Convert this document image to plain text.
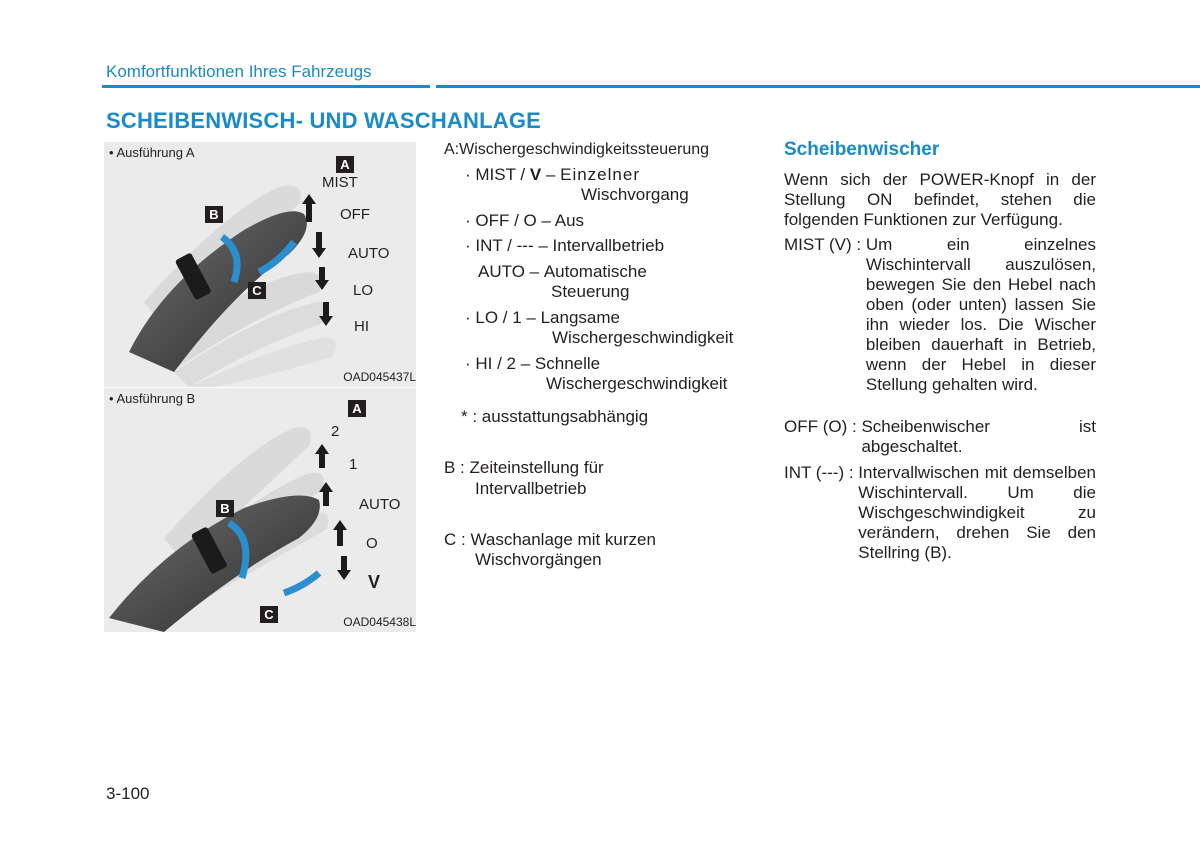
Komfortfunktionen Ihres Fahrzeugs
SCHEIBENWISCH- UND WASCHANLAGE
• Ausführung A
A
B
C
MIST
OFF
AUTO
LO
HI
OAD045437L
• Ausführung B
A
B
C
2
1
AUTO
O
V
OAD045438L
A:Wischergeschwindigkeitssteuerung
· MIST / V – Einzelner
Wischvorgang
· OFF / O – Aus
· INT / --- – Intervallbetrieb
AUTO – Automatische
Steuerung
· LO / 1 – Langsame
Wischergeschwindigkeit
· HI / 2 – Schnelle
Wischergeschwindigkeit
* : ausstattungsabhängig
B : Zeiteinstellung für
Intervallbetrieb
C : Waschanlage mit kurzen
Wischvorgängen
Scheibenwischer
Wenn sich der POWER-Knopf in der Stellung ON befindet, stehen die folgenden Funktionen zur Verfügung.
MIST (V) : Um ein einzelnes Wischintervall auszulösen, bewegen Sie den Hebel nach oben (oder unten) lassen Sie ihn wieder los. Die Wischer bleiben dauerhaft in Betrieb, wenn der Hebel in dieser Stellung gehalten wird.
OFF (O) : Scheibenwischer ist abgeschaltet.
INT (---) : Intervallwischen mit demselben Wischintervall. Um die Wischgeschwindigkeit zu verändern, drehen Sie den Stellring (B).
3-100
